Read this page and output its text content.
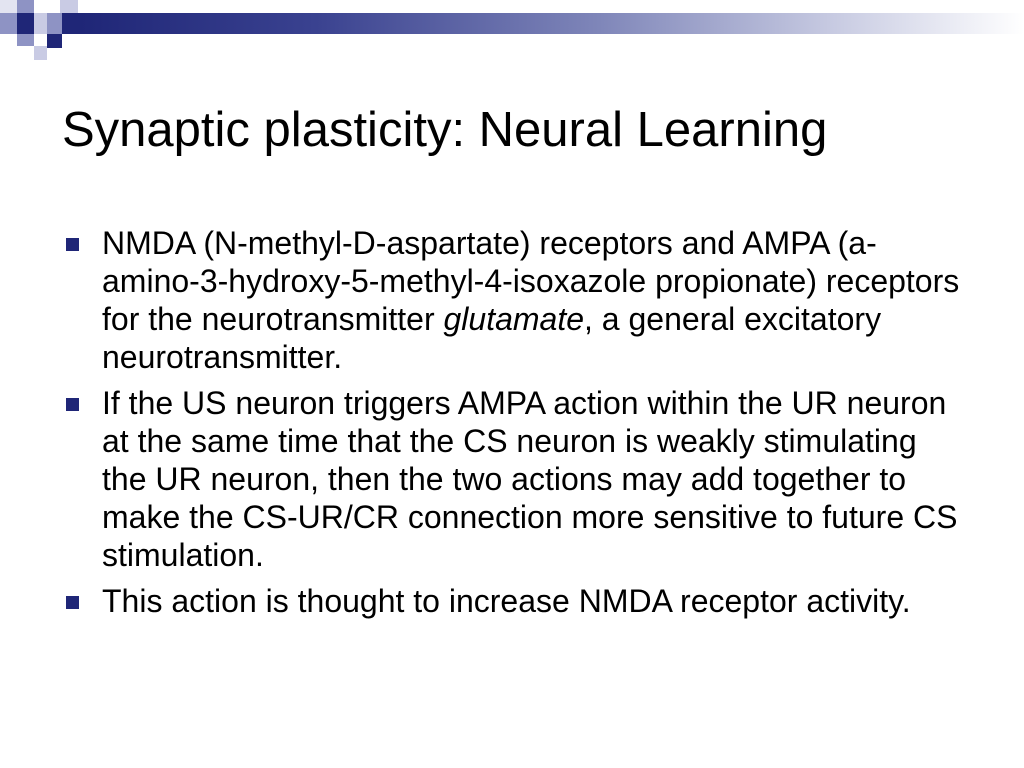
Synaptic plasticity: Neural Learning
NMDA (N-methyl-D-aspartate) receptors and AMPA (a-amino-3-hydroxy-5-methyl-4-isoxazole propionate) receptors for the neurotransmitter glutamate, a general excitatory neurotransmitter.
If the US neuron triggers AMPA action within the UR neuron at the same time that the CS neuron is weakly stimulating the UR neuron, then the two actions may add together to make the CS-UR/CR connection more sensitive to future CS stimulation.
This action is thought to increase NMDA receptor activity.
